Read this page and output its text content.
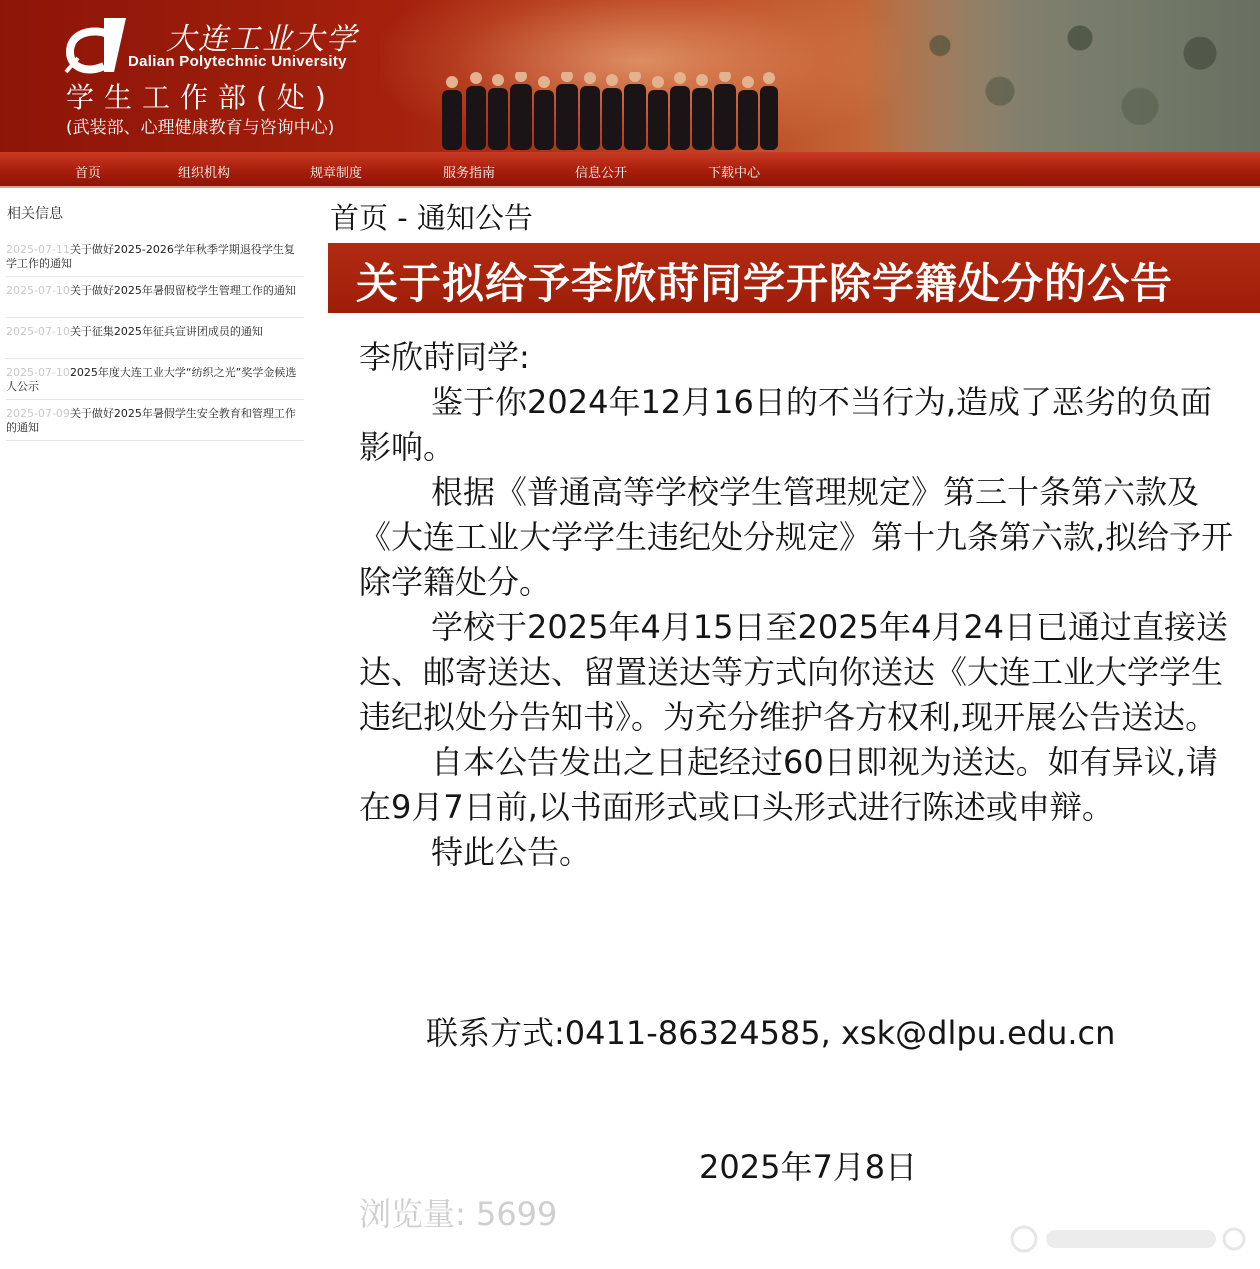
大连工业大学
Dalian Polytechnic University
学生工作部(处)
(武装部、心理健康教育与咨询中心)
首页	组织机构	规章制度	服务指南	信息公开	下载中心
相关信息
2025-07-11关于做好2025-2026学年秋季学期退役学生复学工作的通知
2025-07-10关于做好2025年暑假留校学生管理工作的通知
2025-07-10关于征集2025年征兵宣讲团成员的通知
2025-07-102025年度大连工业大学“纺织之光”奖学金候选人公示
2025-07-09关于做好2025年暑假学生安全教育和管理工作的通知
首页 - 通知公告
关于拟给予李欣莳同学开除学籍处分的公告

李欣莳同学:

鉴于你2024年12月16日的不当行为,造成了恶劣的负面影响。

根据《普通高等学校学生管理规定》第三十条第六款及《大连工业大学学生违纪处分规定》第十九条第六款,拟给予开除学籍处分。

学校于2025年4月15日至2025年4月24日已通过直接送达、邮寄送达、留置送达等方式向你送达《大连工业大学学生违纪拟处分告知书》。为充分维护各方权利,现开展公告送达。

自本公告发出之日起经过60日即视为送达。如有异议,请在9月7日前,以书面形式或口头形式进行陈述或申辩。

特此公告。

联系方式:0411-86324585, xsk@dlpu.edu.cn
2025年7月8日
浏览量: 5699
